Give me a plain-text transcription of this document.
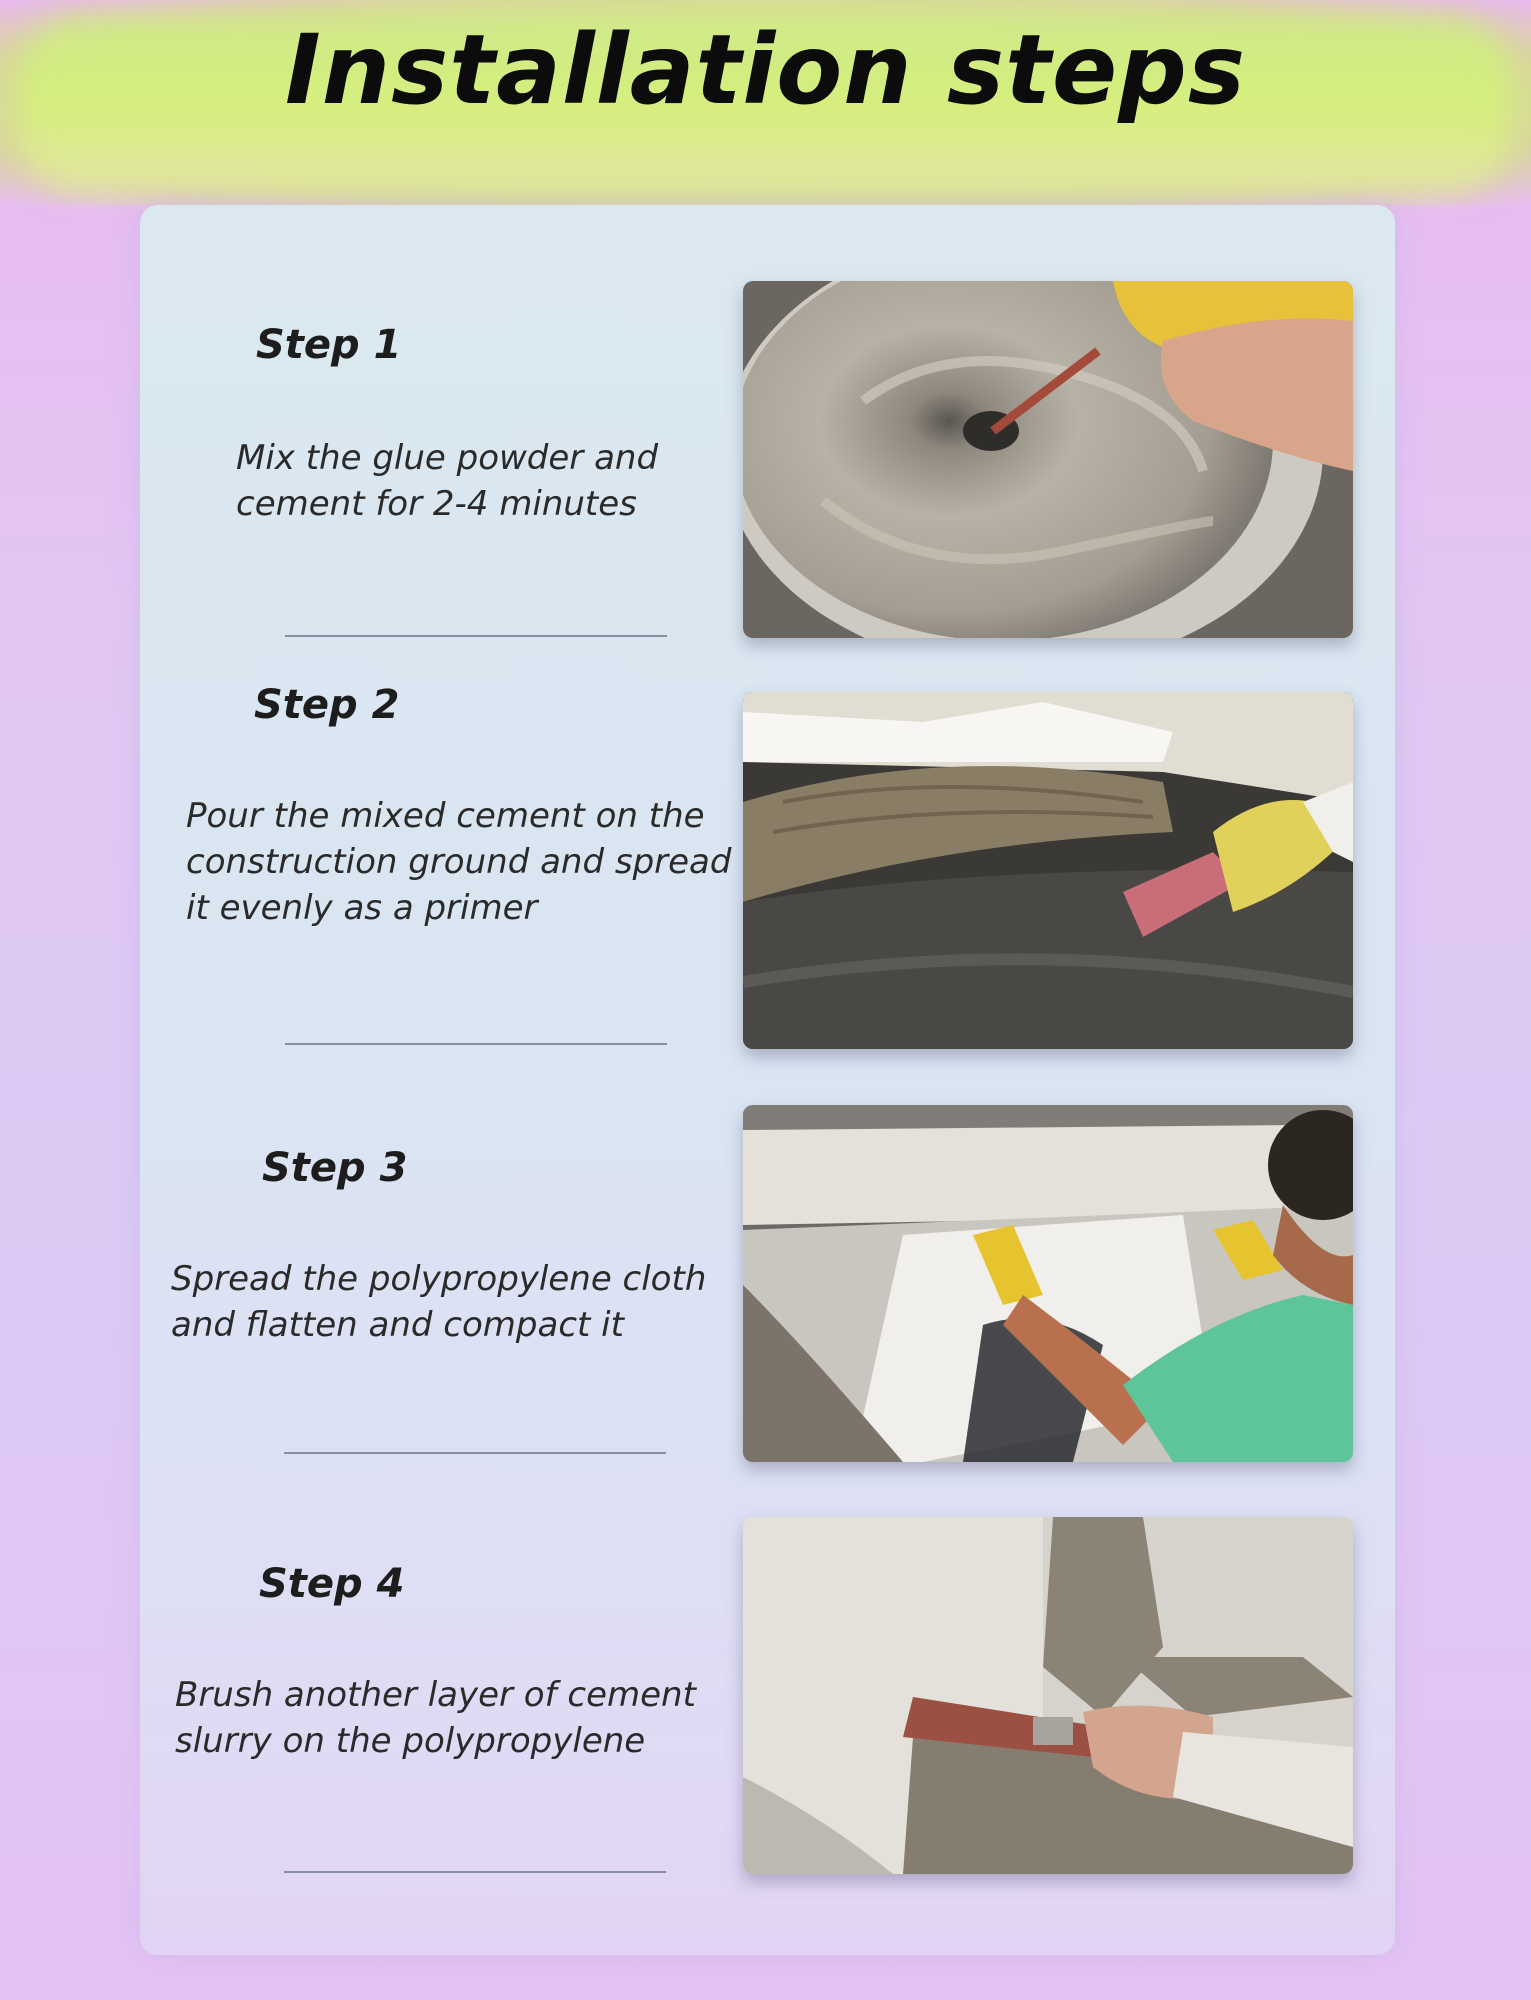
Installation steps
Step 1
Mix the glue powder and cement for 2-4 minutes
Step 2
Pour the mixed cement on the construction ground and spread it evenly as a primer
Step 3
Spread the polypropylene cloth and flatten and compact it
Step 4
Brush another layer of cement slurry on the polypropylene
